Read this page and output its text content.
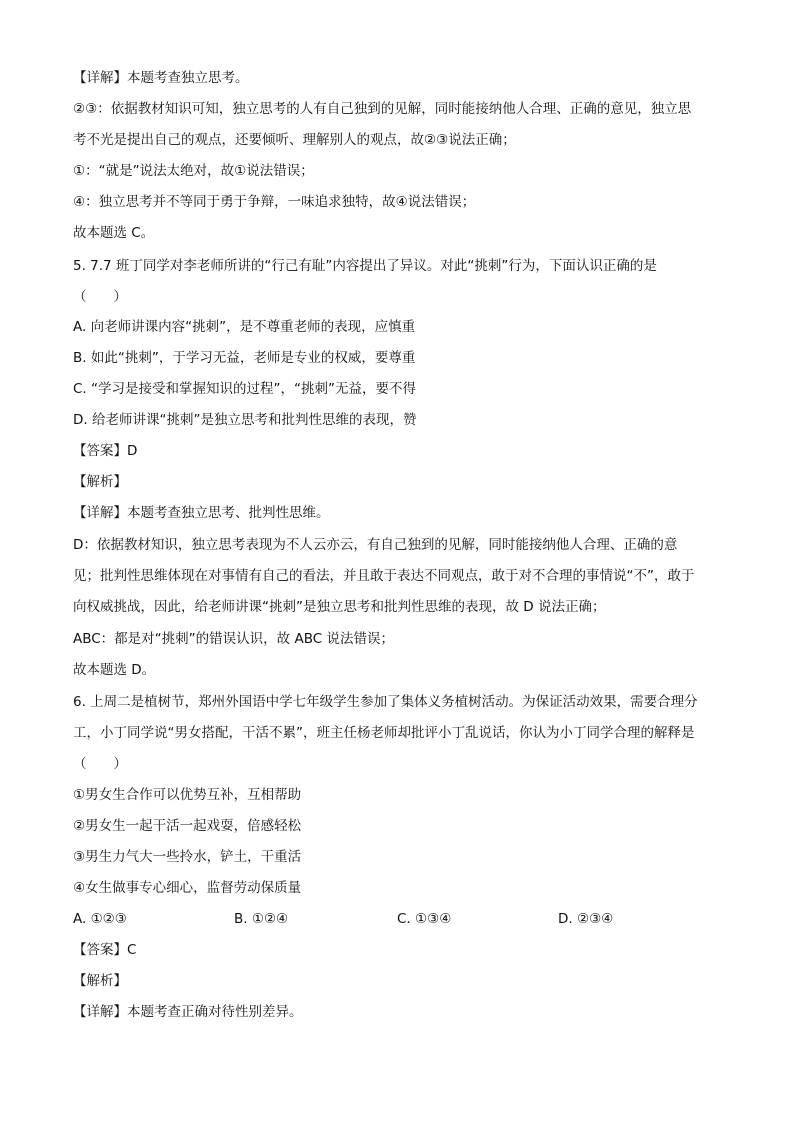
【详解】本题考查独立思考。
②③：依据教材知识可知，独立思考的人有自己独到的见解，同时能接纳他人合理、正确的意见，独立思
考不光是提出自己的观点，还要倾听、理解别人的观点，故②③说法正确；
①：“就是”说法太绝对，故①说法错误；
④：独立思考并不等同于勇于争辩，一味追求独特，故④说法错误；
故本题选 C。
5. 7.7 班丁同学对李老师所讲的“行己有耻”内容提出了异议。对此“挑刺”行为，下面认识正确的是
（　　）
A. 向老师讲课内容“挑刺”，是不尊重老师的表现，应慎重
B. 如此“挑刺”，于学习无益，老师是专业的权威，要尊重
C. “学习是接受和掌握知识的过程”，“挑刺”无益，要不得
D. 给老师讲课“挑刺”是独立思考和批判性思维的表现，赞
【答案】D
【解析】
【详解】本题考查独立思考、批判性思维。
D：依据教材知识，独立思考表现为不人云亦云，有自己独到的见解，同时能接纳他人合理、正确的意
见；批判性思维体现在对事情有自己的看法，并且敢于表达不同观点，敢于对不合理的事情说“不”，敢于
向权威挑战，因此，给老师讲课“挑刺”是独立思考和批判性思维的表现，故 D 说法正确；
ABC：都是对“挑刺”的错误认识，故 ABC 说法错误；
故本题选 D。
6. 上周二是植树节，郑州外国语中学七年级学生参加了集体义务植树活动。为保证活动效果，需要合理分
工，小丁同学说“男女搭配，干活不累”，班主任杨老师却批评小丁乱说话，你认为小丁同学合理的解释是
（　　）
①男女生合作可以优势互补，互相帮助
②男女生一起干活一起戏耍，倍感轻松
③男生力气大一些拎水，铲土，干重活
④女生做事专心细心，监督劳动保质量
A. ①②③	B. ①②④	C. ①③④	D. ②③④
【答案】C
【解析】
【详解】本题考查正确对待性别差异。
